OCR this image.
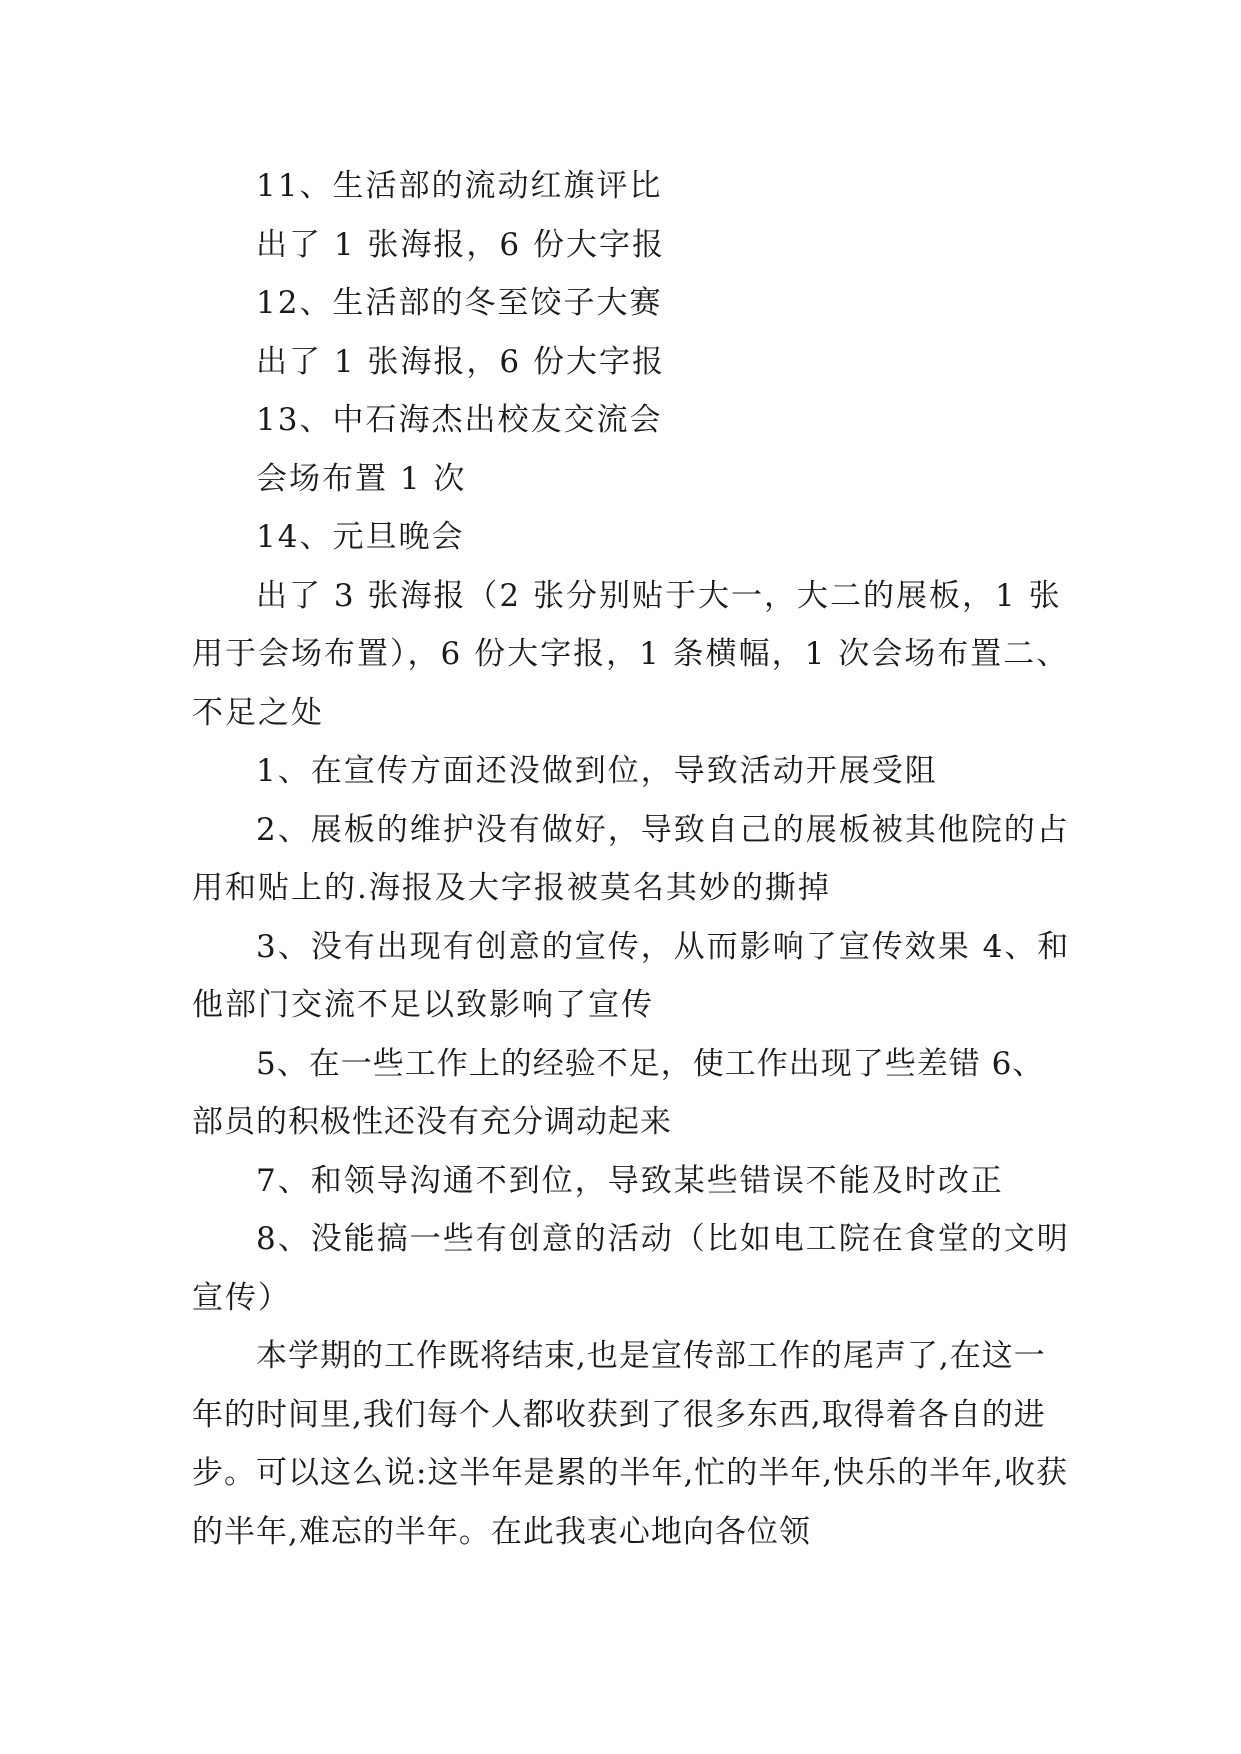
11、生活部的流动红旗评比

出了 1 张海报，6 份大字报

12、生活部的冬至饺子大赛

出了 1 张海报，6 份大字报

13、中石海杰出校友交流会

会场布置 1 次

14、元旦晚会

出了 3 张海报（2 张分别贴于大一，大二的展板，1 张用于会场布置），6 份大字报，1 条横幅，1 次会场布置二、不足之处

1、在宣传方面还没做到位，导致活动开展受阻

2、展板的维护没有做好，导致自己的展板被其他院的占用和贴上的.海报及大字报被莫名其妙的撕掉

3、没有出现有创意的宣传，从而影响了宣传效果 4、和他部门交流不足以致影响了宣传

5、在一些工作上的经验不足，使工作出现了些差错 6、部员的积极性还没有充分调动起来

7、和领导沟通不到位，导致某些错误不能及时改正

8、没能搞一些有创意的活动（比如电工院在食堂的文明宣传）

本学期的工作既将结束,也是宣传部工作的尾声了,在这一年的时间里,我们每个人都收获到了很多东西,取得着各自的进步。可以这么说:这半年是累的半年,忙的半年,快乐的半年,收获的半年,难忘的半年。在此我衷心地向各位领
